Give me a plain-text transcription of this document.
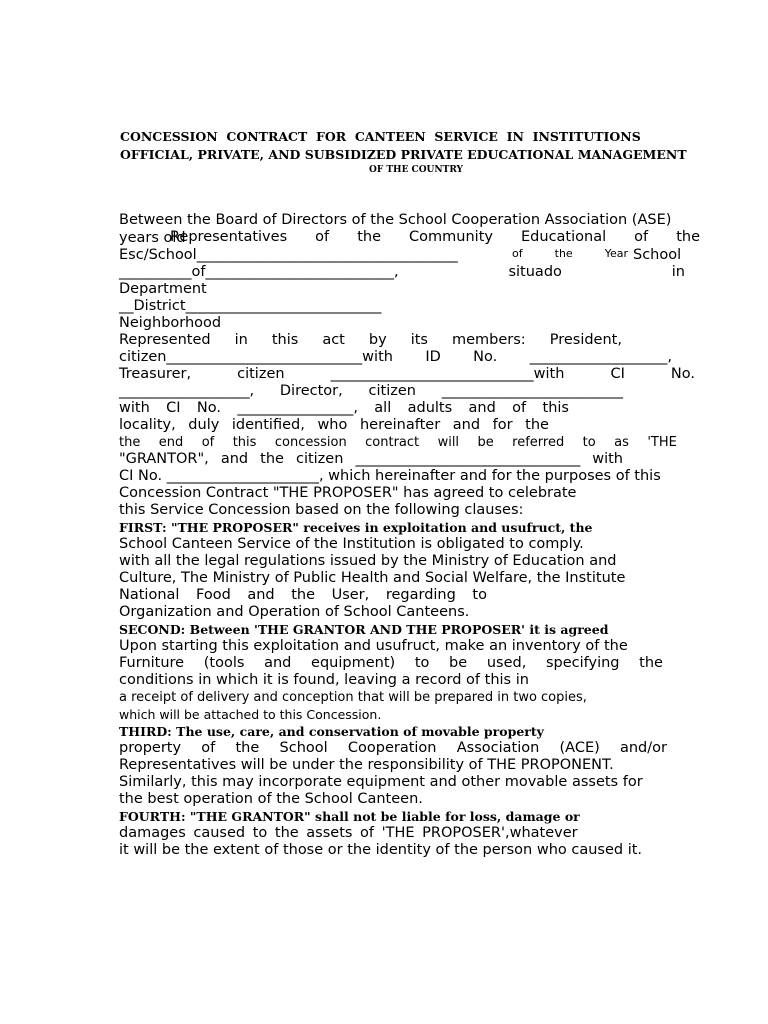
CONCESSION  CONTRACT  FOR  CANTEEN  SERVICE  IN  INSTITUTIONS
OFFICIAL, PRIVATE, AND SUBSIDIZED PRIVATE EDUCATIONAL MANAGEMENT
OF THE COUNTRY
Between the Board of Directors of the School Cooperation Association (ASE)
years old
Representatives of the Community Educational of the
Esc/School____________________________________	of	the	Year School
__________of__________________________,	situado	in
Department
__District___________________________
Neighborhood
Represented in this act by its members: President,
citizen___________________________with ID No. ___________________,
Treasurer,	citizen	____________________________with	CI	No.
__________________, Director, citizen _________________________
with CI No. ________________, all adults and of this
locality, duly identified, who hereinafter and for the
the end of this concession contract will be referred to as 'THE
"GRANTOR", and the citizen _______________________________ with
CI No. _____________________, which hereinafter and for the purposes of this
Concession Contract "THE PROPOSER" has agreed to celebrate
this Service Concession based on the following clauses:
FIRST: "THE PROPOSER" receives in exploitation and usufruct, the
School Canteen Service of the Institution is obligated to comply.
with all the legal regulations issued by the Ministry of Education and
Culture, The Ministry of Public Health and Social Welfare, the Institute
National Food and the User, regarding to
Organization and Operation of School Canteens.
SECOND: Between 'THE GRANTOR AND THE PROPOSER' it is agreed
Upon starting this exploitation and usufruct, make an inventory of the
Furniture (tools and equipment) to be used, specifying the
conditions in which it is found, leaving a record of this in
a receipt of delivery and conception that will be prepared in two copies,
which will be attached to this Concession.
THIRD: The use, care, and conservation of movable property
property of the School Cooperation Association (ACE) and/or
Representatives will be under the responsibility of THE PROPONENT.
Similarly, this may incorporate equipment and other movable assets for
the best operation of the School Canteen.
FOURTH: "THE GRANTOR" shall not be liable for loss, damage or
damages caused to the assets of 'THE PROPOSER',whatever
it will be the extent of those or the identity of the person who caused it.
